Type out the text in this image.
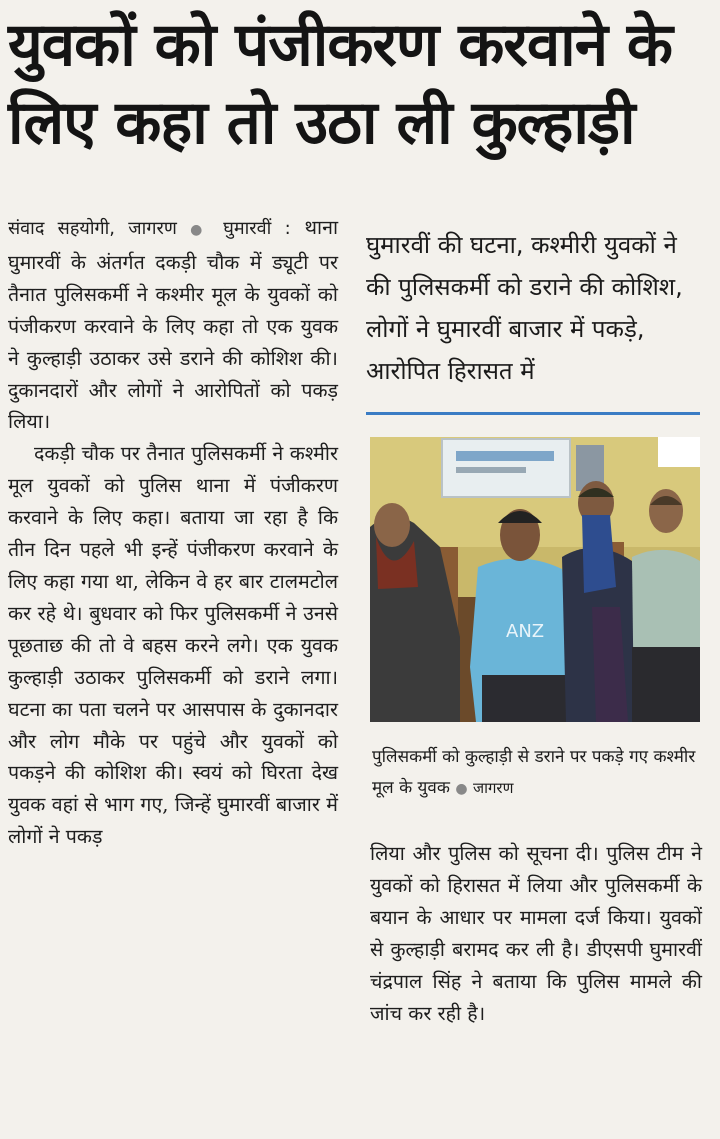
युवकों को पंजीकरण करवाने के लिए कहा तो उठा ली कुल्हाड़ी

संवाद सहयोगी, जागरण ● घुमारवीं : थाना घुमारवीं के अंतर्गत दकड़ी चौक में ड्यूटी पर तैनात पुलिसकर्मी ने कश्मीर मूल के युवकों को पंजीकरण करवाने के लिए कहा तो एक युवक ने कुल्हाड़ी उठाकर उसे डराने की कोशिश की। दुकानदारों और लोगों ने आरोपितों को पकड़ लिया।

दकड़ी चौक पर तैनात पुलिसकर्मी ने कश्मीर मूल युवकों को पुलिस थाना में पंजीकरण करवाने के लिए कहा। बताया जा रहा है कि तीन दिन पहले भी इन्हें पंजीकरण करवाने के लिए कहा गया था, लेकिन वे हर बार टालमटोल कर रहे थे। बुधवार को फिर पुलिसकर्मी ने उनसे पूछताछ की तो वे बहस करने लगे। एक युवक कुल्हाड़ी उठाकर पुलिसकर्मी को डराने लगा। घटना का पता चलने पर आसपास के दुकानदार और लोग मौके पर पहुंचे और युवकों को पकड़ने की कोशिश की। स्वयं को घिरता देख युवक वहां से भाग गए, जिन्हें घुमारवीं बाजार में लोगों ने पकड़

घुमारवीं की घटना, कश्मीरी युवकों ने की पुलिसकर्मी को डराने की कोशिश, लोगों ने घुमारवीं बाजार में पकड़े, आरोपित हिरासत में

ANZ

पुलिसकर्मी को कुल्हाड़ी से डराने पर पकड़े गए कश्मीर मूल के युवक ● जागरण

लिया और पुलिस को सूचना दी। पुलिस टीम ने युवकों को हिरासत में लिया और पुलिसकर्मी के बयान के आधार पर मामला दर्ज किया। युवकों से कुल्हाड़ी बरामद कर ली है। डीएसपी घुमारवीं चंद्रपाल सिंह ने बताया कि पुलिस मामले की जांच कर रही है।
